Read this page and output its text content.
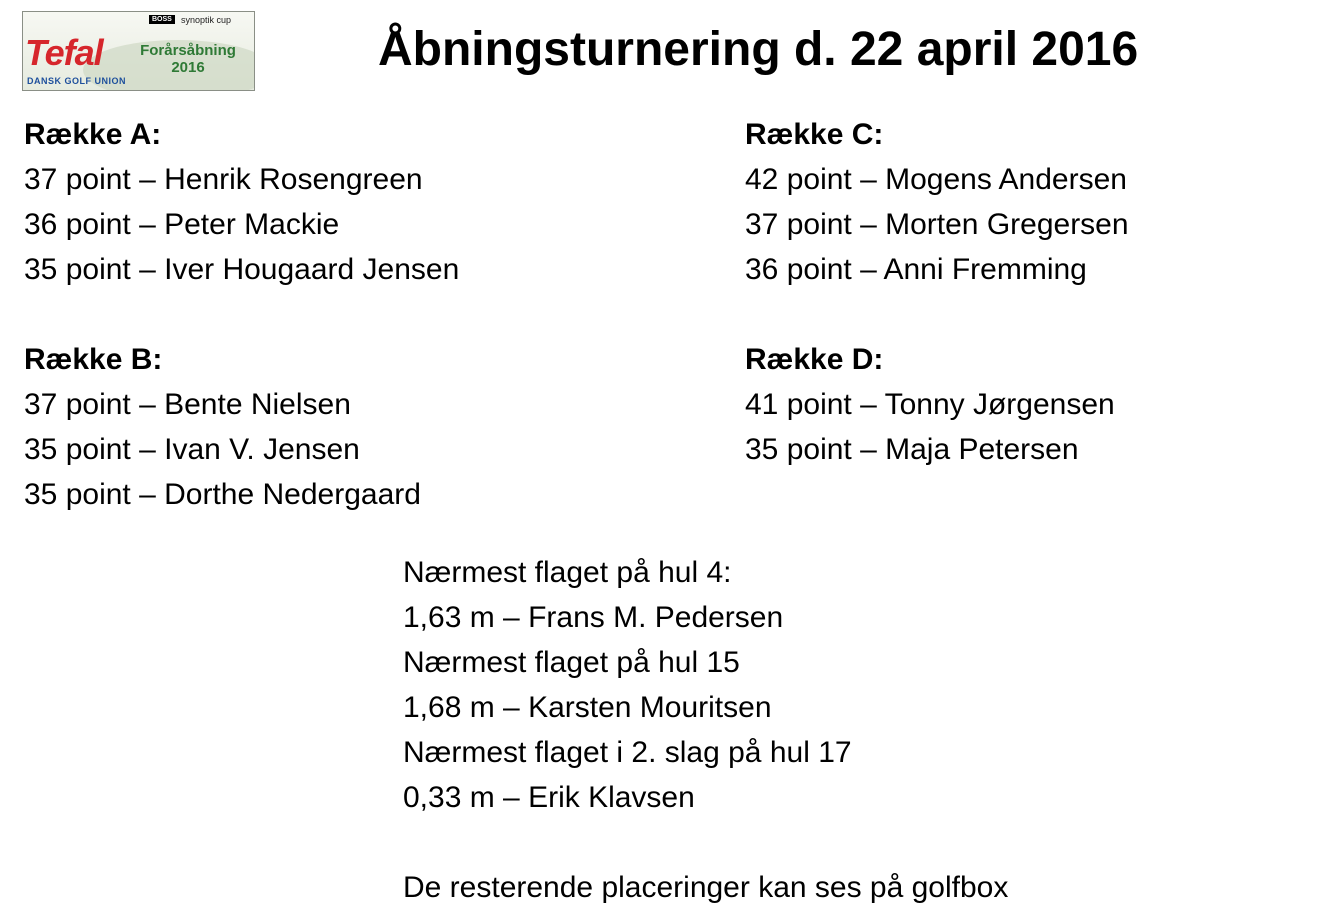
Tefal
BOSS	synoptik cup
Forårsåbning
2016
DANSK GOLF UNION
Åbningsturnering d. 22 april 2016
Række A:
37 point – Henrik Rosengreen
36 point – Peter Mackie
35 point – Iver Hougaard Jensen
Række B:
37 point – Bente Nielsen
35 point – Ivan V. Jensen
35 point – Dorthe Nedergaard
Række C:
42 point – Mogens Andersen
37 point – Morten Gregersen
36 point – Anni Fremming
Række D:
41 point – Tonny Jørgensen
35 point – Maja Petersen
Nærmest flaget på hul 4:
1,63 m – Frans M. Pedersen
Nærmest flaget på hul 15
1,68 m – Karsten Mouritsen
Nærmest flaget i 2. slag på hul 17
0,33 m – Erik Klavsen
De resterende placeringer kan ses på golfbox
